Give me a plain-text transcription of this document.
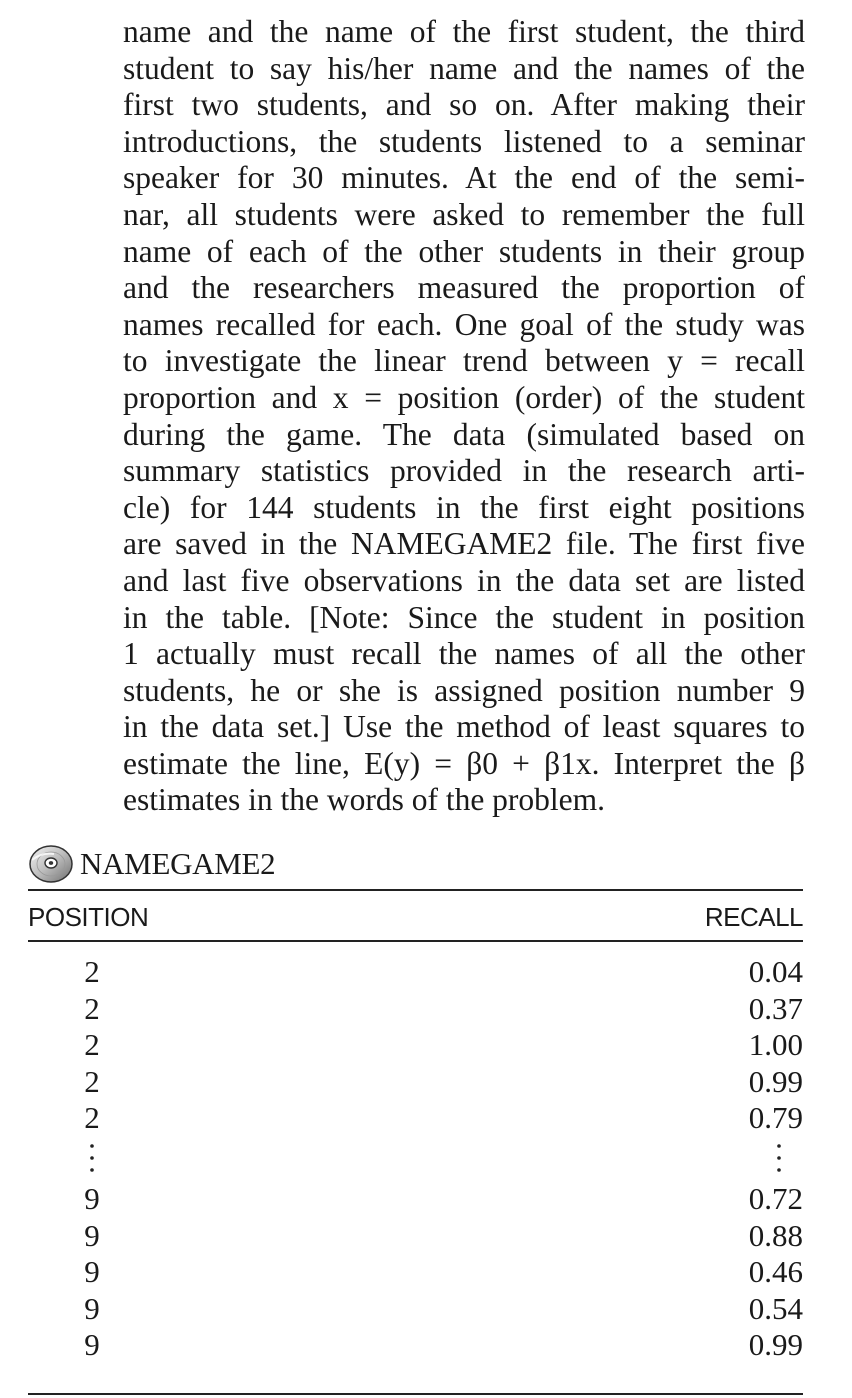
name and the name of the first student, the third
student to say his/her name and the names of the
first two students, and so on. After making their
introductions, the students listened to a seminar
speaker for 30 minutes. At the end of the semi-
nar, all students were asked to remember the full
name of each of the other students in their group
and the researchers measured the proportion of
names recalled for each. One goal of the study was
to investigate the linear trend between y = recall
proportion and x = position (order) of the student
during the game. The data (simulated based on
summary statistics provided in the research arti-
cle) for 144 students in the first eight positions
are saved in the NAMEGAME2 file. The first five
and last five observations in the data set are listed
in the table. [Note: Since the student in position
1 actually must recall the names of all the other
students, he or she is assigned position number 9
in the data set.] Use the method of least squares to
estimate the line, E(y) = β0 + β1x. Interpret the β
estimates in the words of the problem.
NAMEGAME2
POSITION	RECALL
2
2
2
2
2
9
9
9
9
9
0.04
0.37
1.00
0.99
0.79
0.72
0.88
0.46
0.54
0.99
